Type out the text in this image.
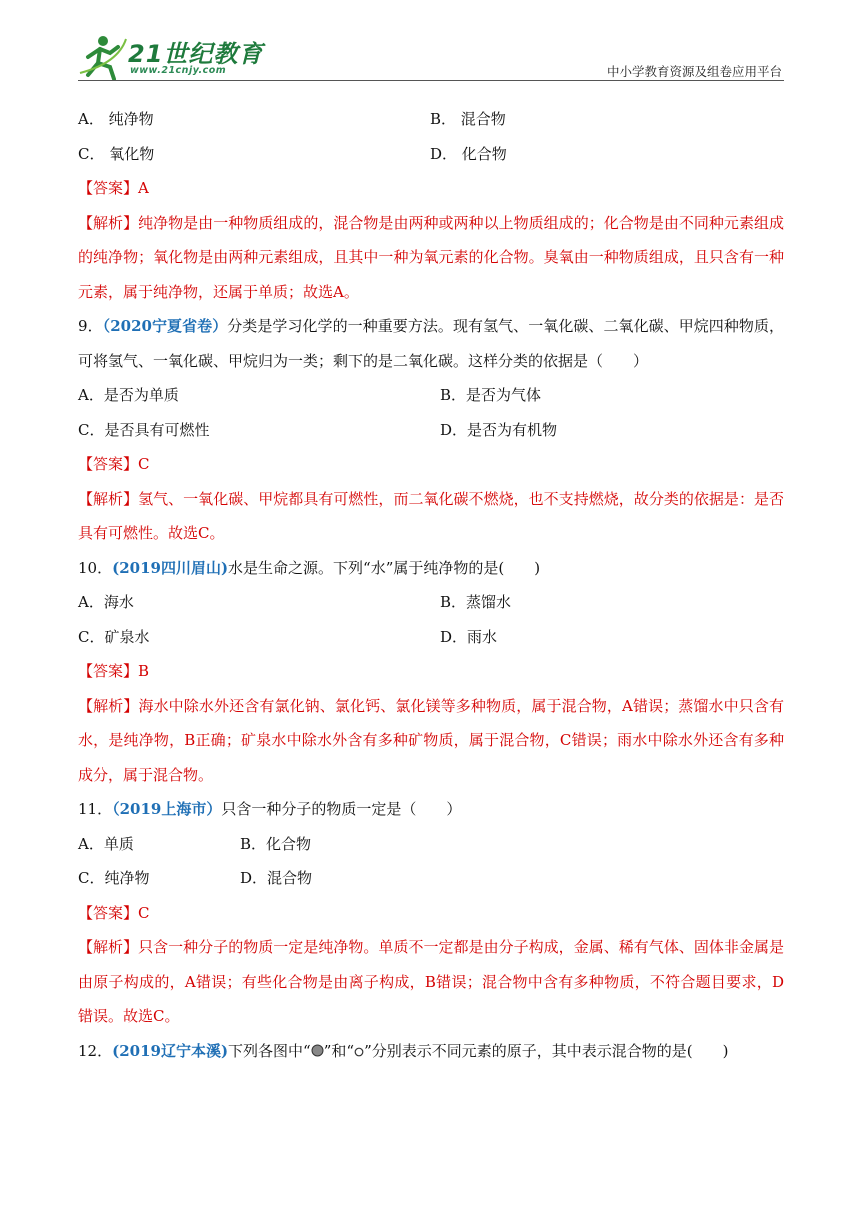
21世纪教育
www.21cnjy.com	中小学教育资源及组卷应用平台
A． 纯净物	B． 混合物
C． 氧化物	D． 化合物
【答案】A
【解析】纯净物是由一种物质组成的，混合物是由两种或两种以上物质组成的；化合物是由不同种元素组成的纯净物；氧化物是由两种元素组成，且其中一种为氧元素的化合物。臭氧由一种物质组成，且只含有一种元素，属于纯净物，还属于单质；故选A。
9．（2020宁夏省卷）分类是学习化学的一种重要方法。现有氢气、一氧化碳、二氧化碳、甲烷四种物质，可将氢气、一氧化碳、甲烷归为一类；剩下的是二氧化碳。这样分类的依据是（　　）
A．是否为单质	B．是否为气体
C．是否具有可燃性	D．是否为有机物
【答案】C
【解析】氢气、一氧化碳、甲烷都具有可燃性，而二氧化碳不燃烧，也不支持燃烧，故分类的依据是：是否具有可燃性。故选C。
10．(2019四川眉山)水是生命之源。下列“水”属于纯净物的是(　　)
A．海水	B．蒸馏水
C．矿泉水	D．雨水
【答案】B
【解析】海水中除水外还含有氯化钠、氯化钙、氯化镁等多种物质，属于混合物，A错误；蒸馏水中只含有水，是纯净物，B正确；矿泉水中除水外含有多种矿物质，属于混合物，C错误；雨水中除水外还含有多种成分，属于混合物。
11．（2019上海市）只含一种分子的物质一定是（　　）
A．单质	B．化合物
C．纯净物	D．混合物
【答案】C
【解析】只含一种分子的物质一定是纯净物。单质不一定都是由分子构成，金属、稀有气体、固体非金属是由原子构成的，A错误；有些化合物是由离子构成，B错误；混合物中含有多种物质，不符合题目要求，D错误。故选C。
12．(2019辽宁本溪)下列各图中“ ”和“ ”分别表示不同元素的原子，其中表示混合物的是(　　)
